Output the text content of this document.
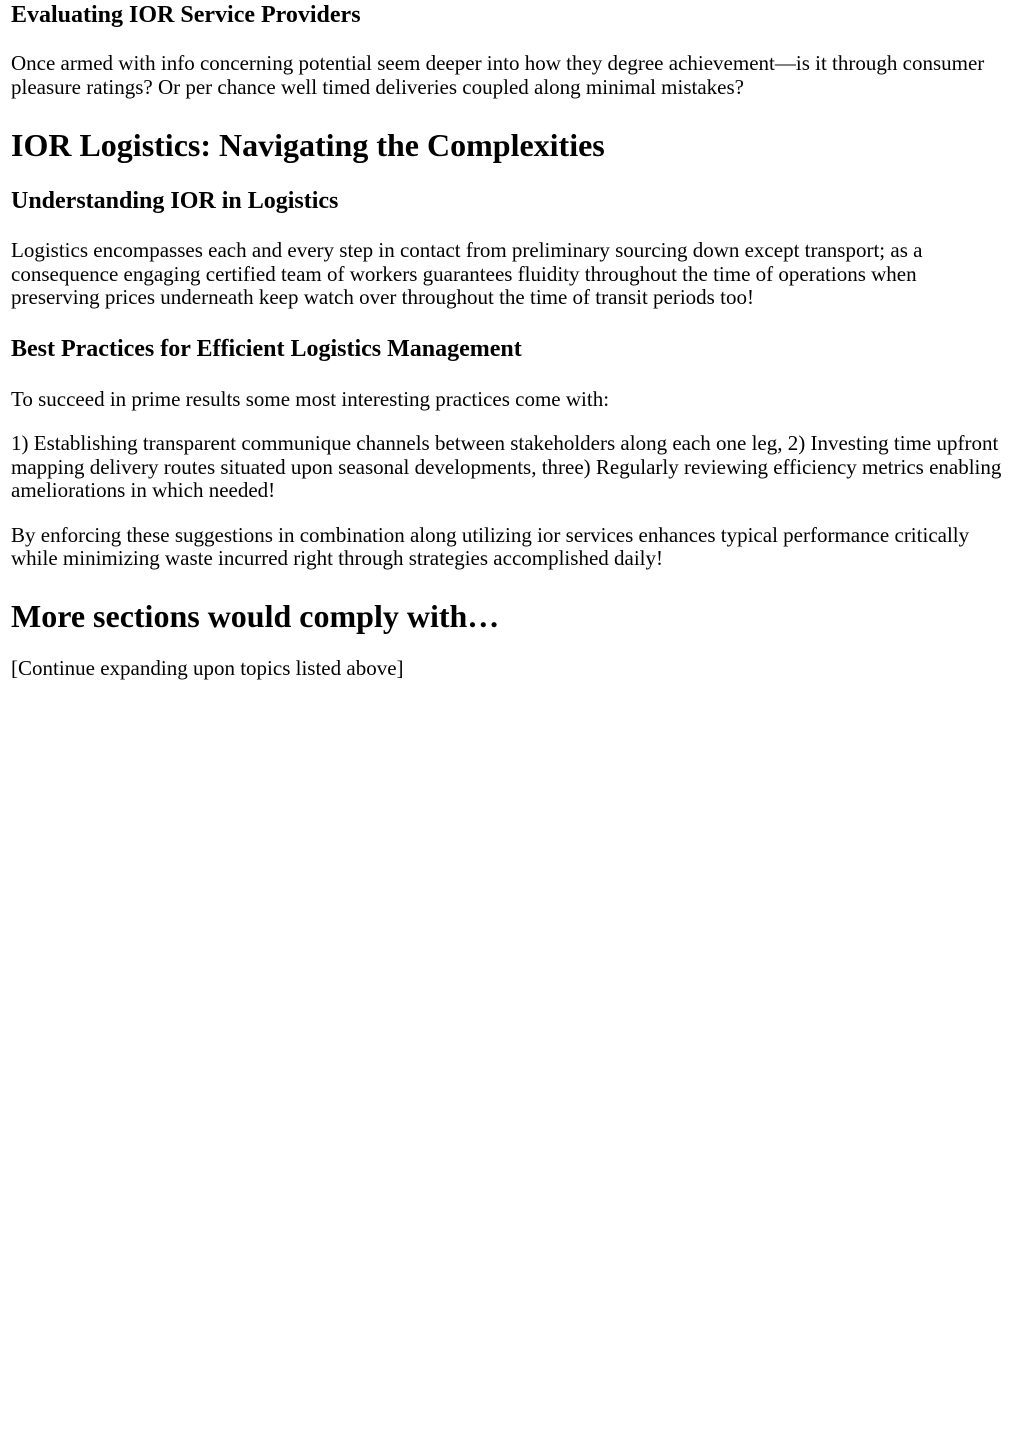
Evaluating IOR Service Providers

Once armed with info concerning potential seem deeper into how they degree achievement—is it through consumer pleasure ratings? Or per chance well timed deliveries coupled along minimal mistakes?

IOR Logistics: Navigating the Complexities
Understanding IOR in Logistics

Logistics encompasses each and every step in contact from preliminary sourcing down except transport; as a consequence engaging certified team of workers guarantees fluidity throughout the time of operations when preserving prices underneath keep watch over throughout the time of transit periods too!

Best Practices for Efficient Logistics Management

To succeed in prime results some most interesting practices come with:

1) Establishing transparent communique channels between stakeholders along each one leg, 2) Investing time upfront mapping delivery routes situated upon seasonal developments, three) Regularly reviewing efficiency metrics enabling ameliorations in which needed!

By enforcing these suggestions in combination along utilizing ior services enhances typical performance critically while minimizing waste incurred right through strategies accomplished daily!

More sections would comply with…

[Continue expanding upon topics listed above]
